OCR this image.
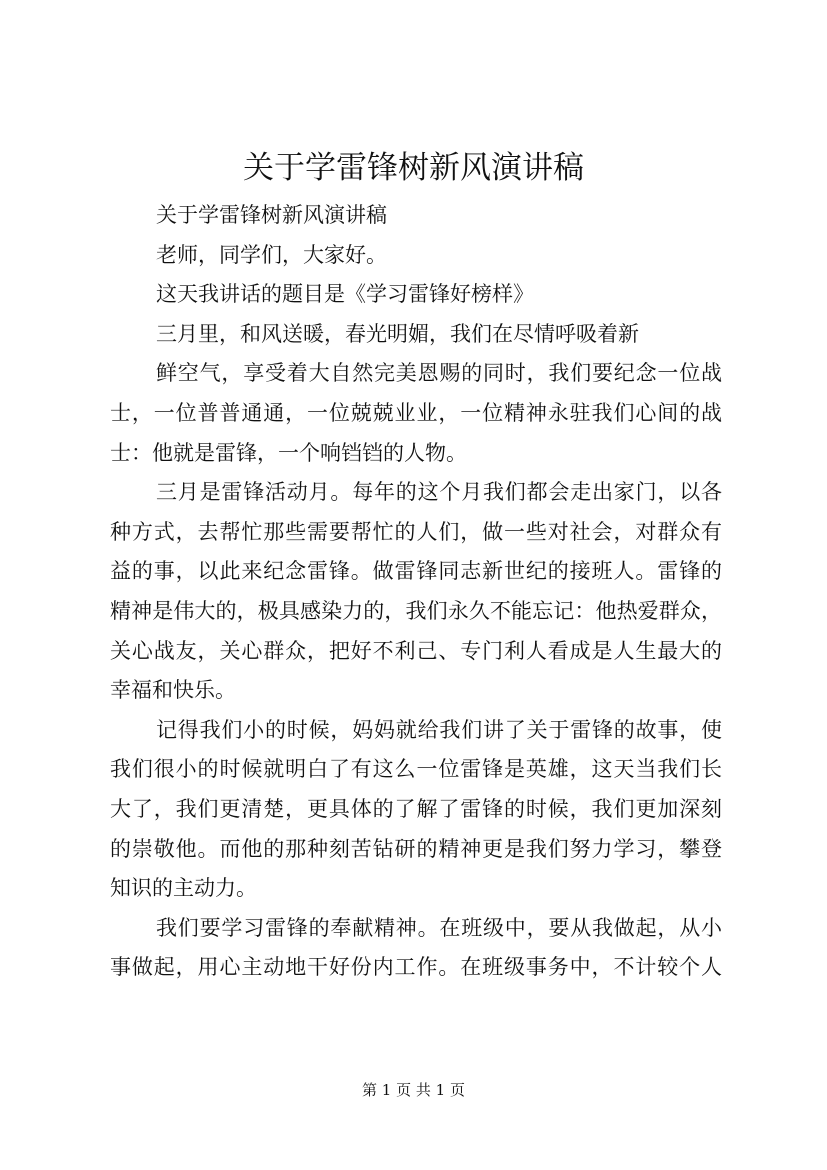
关于学雷锋树新风演讲稿
关于学雷锋树新风演讲稿
老师，同学们，大家好。
这天我讲话的题目是《学习雷锋好榜样》
三月里，和风送暖，春光明媚，我们在尽情呼吸着新
鲜空气，享受着大自然完美恩赐的同时，我们要纪念一位战
士，一位普普通通，一位兢兢业业，一位精神永驻我们心间的战
士：他就是雷锋，一个响铛铛的人物。
三月是雷锋活动月。每年的这个月我们都会走出家门，以各
种方式，去帮忙那些需要帮忙的人们，做一些对社会，对群众有
益的事，以此来纪念雷锋。做雷锋同志新世纪的接班人。雷锋的
精神是伟大的，极具感染力的，我们永久不能忘记：他热爱群众，
关心战友，关心群众，把好不利己、专门利人看成是人生最大的
幸福和快乐。
记得我们小的时候，妈妈就给我们讲了关于雷锋的故事，使
我们很小的时候就明白了有这么一位雷锋是英雄，这天当我们长
大了，我们更清楚，更具体的了解了雷锋的时候，我们更加深刻
的崇敬他。而他的那种刻苦钻研的精神更是我们努力学习，攀登
知识的主动力。
我们要学习雷锋的奉献精神。在班级中，要从我做起，从小
事做起，用心主动地干好份内工作。在班级事务中，不计较个人
第 1 页 共 1 页
